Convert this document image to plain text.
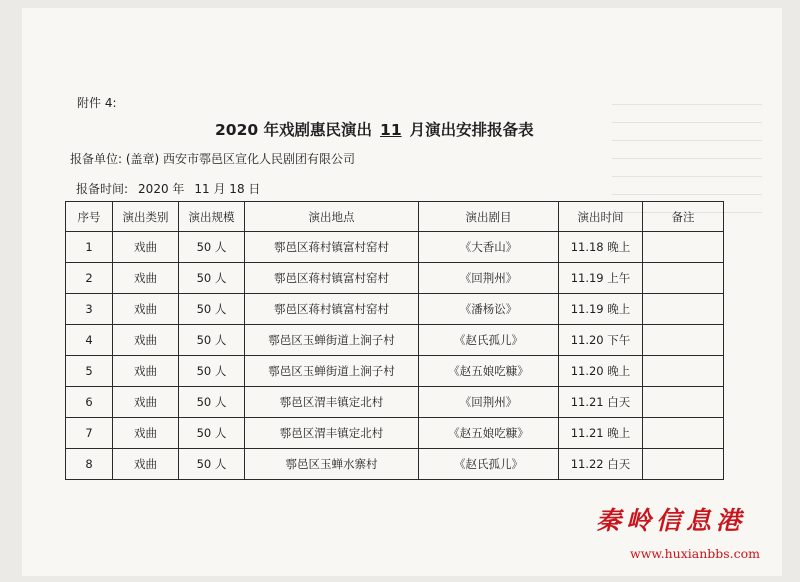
附件 4:
2020 年戏剧惠民演出 11 月演出安排报备表
报备单位: (盖章) 西安市鄠邑区宣化人民剧团有限公司
报备时间: 2020 年 11 月 18 日
序号	演出类别	演出规模	演出地点	演出剧目	演出时间	备注
1	戏曲	50 人	鄠邑区蒋村镇富村窑村	《大香山》	11.18 晚上	
2	戏曲	50 人	鄠邑区蒋村镇富村窑村	《回荆州》	11.19 上午	
3	戏曲	50 人	鄠邑区蒋村镇富村窑村	《潘杨讼》	11.19 晚上	
4	戏曲	50 人	鄠邑区玉蝉街道上涧子村	《赵氏孤儿》	11.20 下午	
5	戏曲	50 人	鄠邑区玉蝉街道上涧子村	《赵五娘吃糠》	11.20 晚上	
6	戏曲	50 人	鄠邑区渭丰镇定北村	《回荆州》	11.21 白天	
7	戏曲	50 人	鄠邑区渭丰镇定北村	《赵五娘吃糠》	11.21 晚上	
8	戏曲	50 人	鄠邑区玉蝉水寨村	《赵氏孤儿》	11.22 白天	
秦岭信息港
www.huxianbbs.com
